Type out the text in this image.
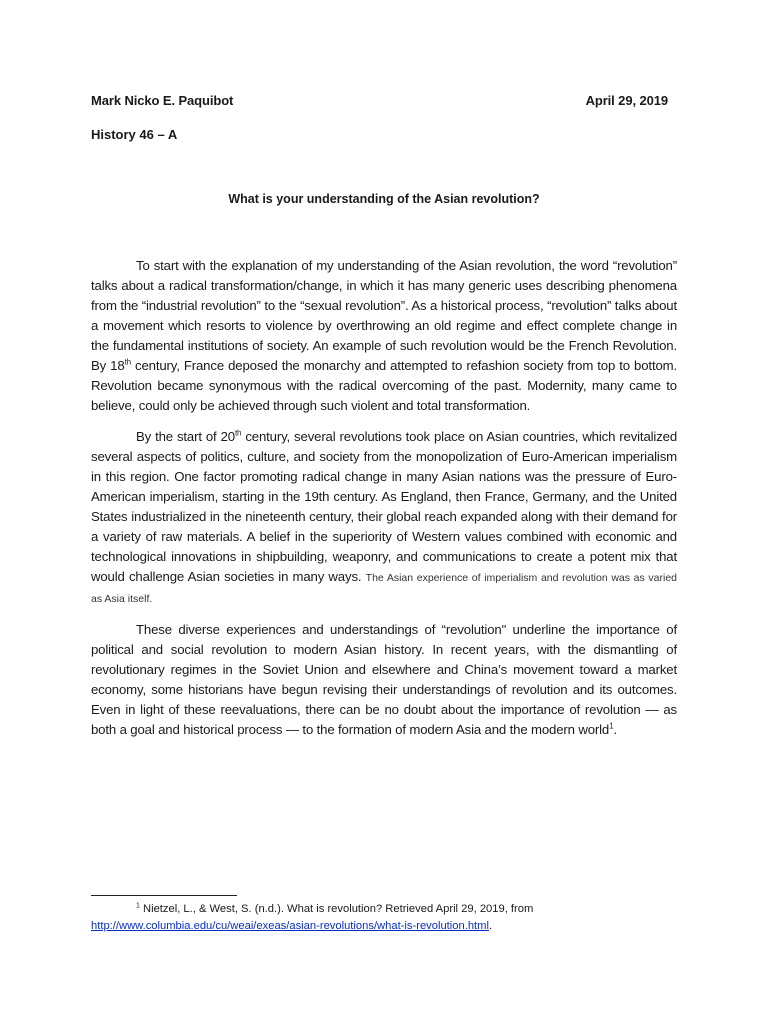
Mark Nicko E. Paquibot	April 29, 2019
History 46 – A
What is your understanding of the Asian revolution?

To start with the explanation of my understanding of the Asian revolution, the word “revolution” talks about a radical transformation/change, in which it has many generic uses describing phenomena from the “industrial revolution” to the “sexual revolution”. As a historical process, “revolution” talks about a movement which resorts to violence by overthrowing an old regime and effect complete change in the fundamental institutions of society. An example of such revolution would be the French Revolution. By 18th century, France deposed the monarchy and attempted to refashion society from top to bottom. Revolution became synonymous with the radical overcoming of the past. Modernity, many came to believe, could only be achieved through such violent and total transformation.

By the start of 20th century, several revolutions took place on Asian countries, which revitalized several aspects of politics, culture, and society from the monopolization of Euro-American imperialism in this region. One factor promoting radical change in many Asian nations was the pressure of Euro-American imperialism, starting in the 19th century. As England, then France, Germany, and the United States industrialized in the nineteenth century, their global reach expanded along with their demand for a variety of raw materials. A belief in the superiority of Western values combined with economic and technological innovations in shipbuilding, weaponry, and communications to create a potent mix that would challenge Asian societies in many ways. The Asian experience of imperialism and revolution was as varied as Asia itself.

These diverse experiences and understandings of “revolution" underline the importance of political and social revolution to modern Asian history. In recent years, with the dismantling of revolutionary regimes in the Soviet Union and elsewhere and China’s movement toward a market economy, some historians have begun revising their understandings of revolution and its outcomes. Even in light of these reevaluations, there can be no doubt about the importance of revolution — as both a goal and historical process — to the formation of modern Asia and the modern world$^1$.

$^1$ Nietzel, L., & West, S. (n.d.). What is revolution? Retrieved April 29, 2019, from http://www.columbia.edu/cu/weai/exeas/asian-revolutions/what-is-revolution.html.
